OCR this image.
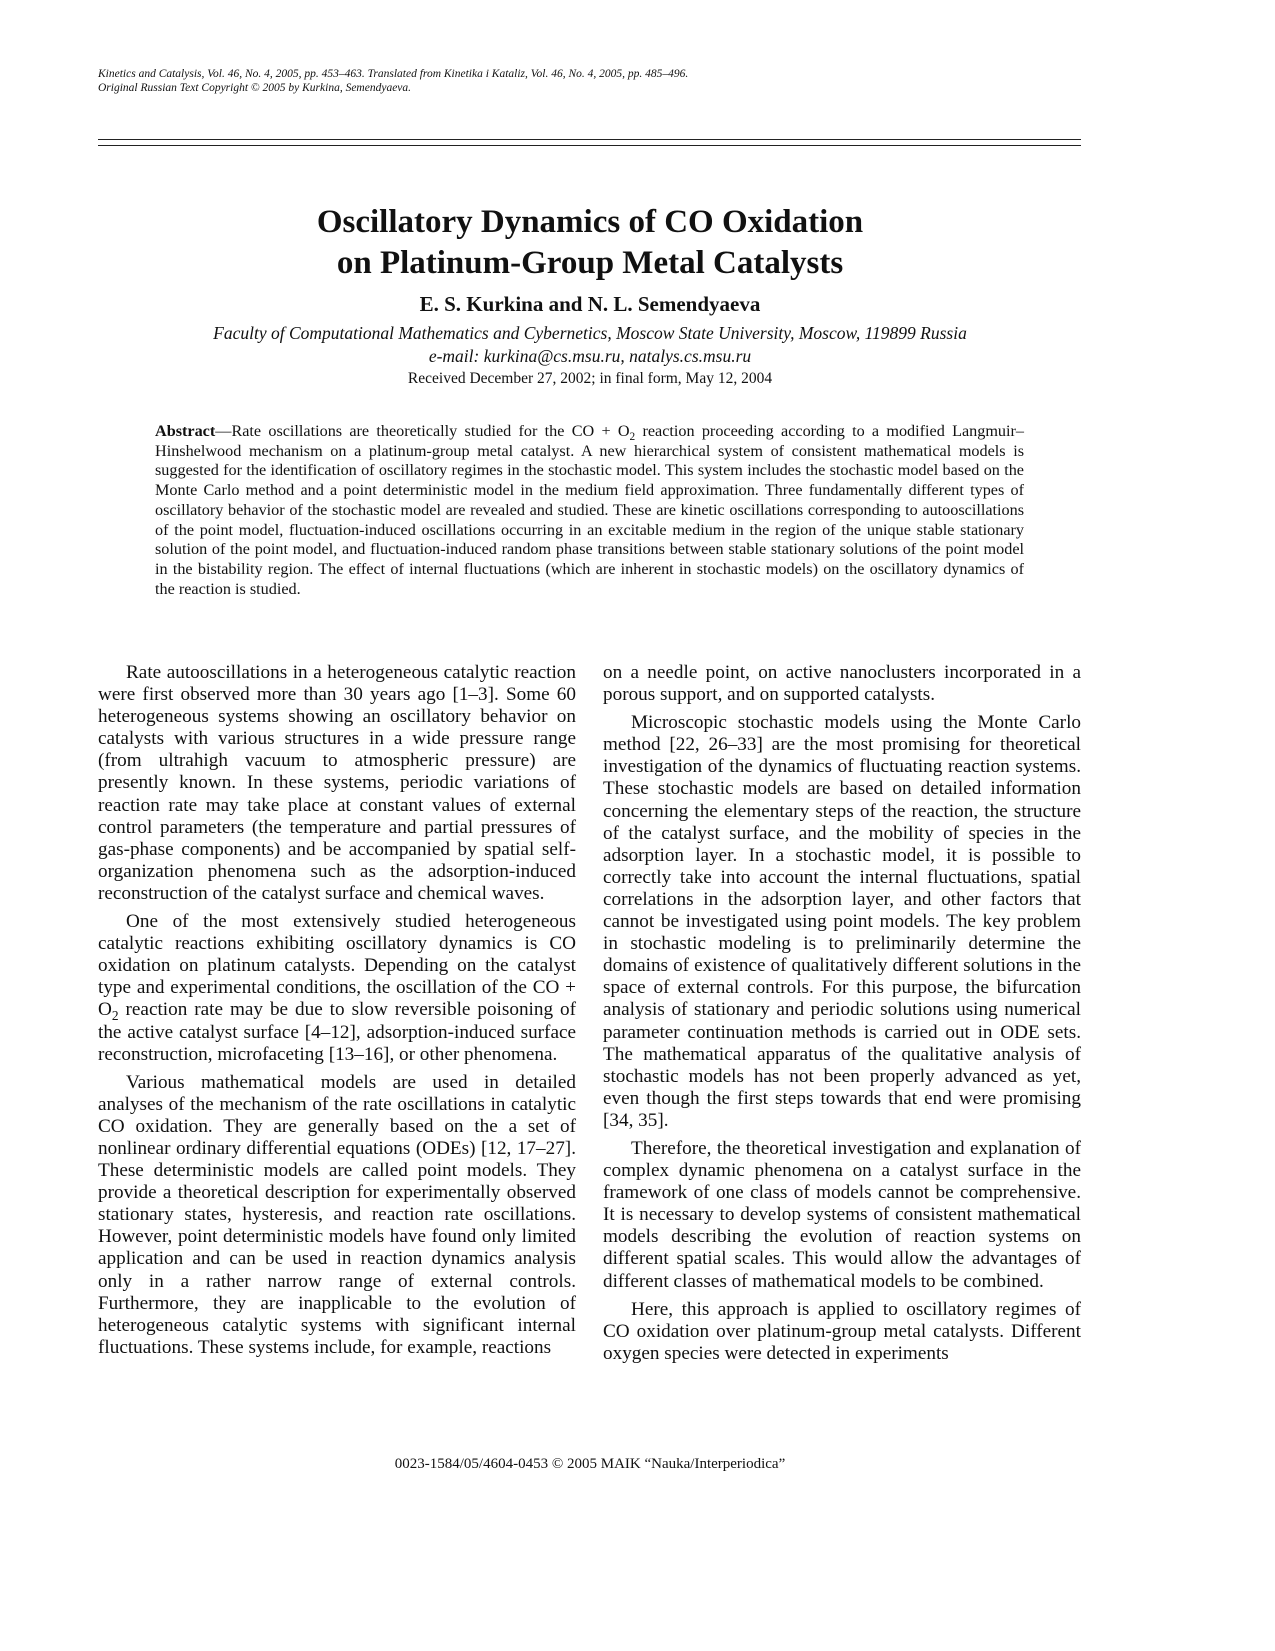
Kinetics and Catalysis, Vol. 46, No. 4, 2005, pp. 453–463. Translated from Kinetika i Kataliz, Vol. 46, No. 4, 2005, pp. 485–496.
Original Russian Text Copyright © 2005 by Kurkina, Semendyaeva.
Oscillatory Dynamics of CO Oxidation
on Platinum-Group Metal Catalysts
E. S. Kurkina and N. L. Semendyaeva
Faculty of Computational Mathematics and Cybernetics, Moscow State University, Moscow, 119899 Russia
e-mail: kurkina@cs.msu.ru, natalys.cs.msu.ru
Received December 27, 2002; in final form, May 12, 2004
Abstract—Rate oscillations are theoretically studied for the CO + $O_2$ reaction proceeding according to a modified Langmuir–Hinshelwood mechanism on a platinum-group metal catalyst. A new hierarchical system of consistent mathematical models is suggested for the identification of oscillatory regimes in the stochastic model. This system includes the stochastic model based on the Monte Carlo method and a point deterministic model in the medium field approximation. Three fundamentally different types of oscillatory behavior of the stochastic model are revealed and studied. These are kinetic oscillations corresponding to autooscillations of the point model, fluctuation-induced oscillations occurring in an excitable medium in the region of the unique stable stationary solution of the point model, and fluctuation-induced random phase transitions between stable stationary solutions of the point model in the bistability region. The effect of internal fluctuations (which are inherent in stochastic models) on the oscillatory dynamics of the reaction is studied.

Rate autooscillations in a heterogeneous catalytic reaction were first observed more than 30 years ago [1–3]. Some 60 heterogeneous systems showing an oscillatory behavior on catalysts with various structures in a wide pressure range (from ultrahigh vacuum to atmospheric pressure) are presently known. In these systems, periodic variations of reaction rate may take place at constant values of external control parameters (the temperature and partial pressures of gas-phase components) and be accompanied by spatial self-organization phenomena such as the adsorption-induced reconstruction of the catalyst surface and chemical waves.

One of the most extensively studied heterogeneous catalytic reactions exhibiting oscillatory dynamics is CO oxidation on platinum catalysts. Depending on the catalyst type and experimental conditions, the oscillation of the CO + $O_2$ reaction rate may be due to slow reversible poisoning of the active catalyst surface [4–12], adsorption-induced surface reconstruction, microfaceting [13–16], or other phenomena.

Various mathematical models are used in detailed analyses of the mechanism of the rate oscillations in catalytic CO oxidation. They are generally based on the a set of nonlinear ordinary differential equations (ODEs) [12, 17–27]. These deterministic models are called point models. They provide a theoretical description for experimentally observed stationary states, hysteresis, and reaction rate oscillations. However, point deterministic models have found only limited application and can be used in reaction dynamics analysis only in a rather narrow range of external controls. Furthermore, they are inapplicable to the evolution of heterogeneous catalytic systems with significant internal fluctuations. These systems include, for example, reactions

on a needle point, on active nanoclusters incorporated in a porous support, and on supported catalysts.

Microscopic stochastic models using the Monte Carlo method [22, 26–33] are the most promising for theoretical investigation of the dynamics of fluctuating reaction systems. These stochastic models are based on detailed information concerning the elementary steps of the reaction, the structure of the catalyst surface, and the mobility of species in the adsorption layer. In a stochastic model, it is possible to correctly take into account the internal fluctuations, spatial correlations in the adsorption layer, and other factors that cannot be investigated using point models. The key problem in stochastic modeling is to preliminarily determine the domains of existence of qualitatively different solutions in the space of external controls. For this purpose, the bifurcation analysis of stationary and periodic solutions using numerical parameter continuation methods is carried out in ODE sets. The mathematical apparatus of the qualitative analysis of stochastic models has not been properly advanced as yet, even though the first steps towards that end were promising [34, 35].

Therefore, the theoretical investigation and explanation of complex dynamic phenomena on a catalyst surface in the framework of one class of models cannot be comprehensive. It is necessary to develop systems of consistent mathematical models describing the evolution of reaction systems on different spatial scales. This would allow the advantages of different classes of mathematical models to be combined.

Here, this approach is applied to oscillatory regimes of CO oxidation over platinum-group metal catalysts. Different oxygen species were detected in experiments

0023-1584/05/4604-0453 © 2005 MAIK “Nauka/Interperiodica”
